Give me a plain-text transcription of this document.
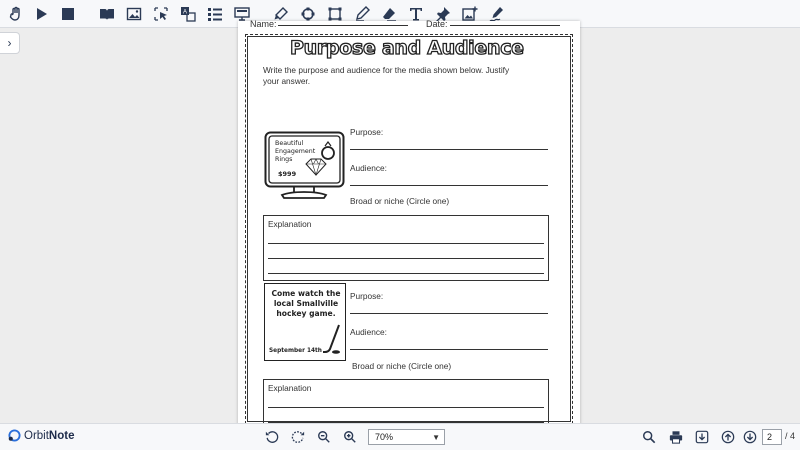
A
Name:	Date:
Purpose and Audience
Write the purpose and audience for the media shown below. Justify your answer.
Beautiful
Engagement
Rings
$999
Purpose:
Audience:
Broad or niche (Circle one)
Explanation
Come watch the local Smallville hockey game.
September 14th
Purpose:
Audience:
Broad or niche (Circle one)
Explanation
›
OrbitNote	70%	▼	2	/ 4
